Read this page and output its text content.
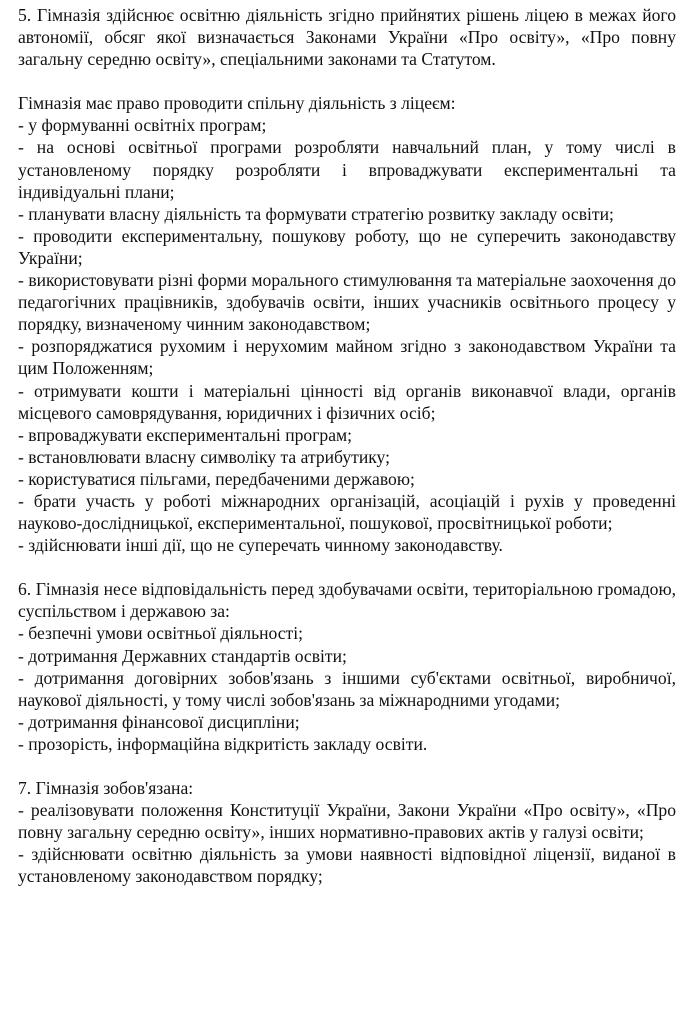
5. Гімназія здійснює освітню діяльність згідно прийнятих рішень ліцею в межах його автономії, обсяг якої визначається Законами України «Про освіту», «Про повну загальну середню освіту», спеціальними законами та Статутом.

Гімназія має право проводити спільну діяльність з ліцеєм:

- у формуванні освітніх програм;

- на основі освітньої програми розробляти навчальний план, у тому числі в установленому порядку розробляти і впроваджувати експериментальні та індивідуальні плани;

- планувати власну діяльність та формувати стратегію розвитку закладу освіти;

- проводити експериментальну, пошукову роботу, що не суперечить законодавству України;

- використовувати різні форми морального стимулювання та матеріальне заохочення до педагогічних працівників, здобувачів освіти, інших учасників освітнього процесу у порядку, визначеному чинним законодавством;

- розпоряджатися рухомим і нерухомим майном згідно з законодавством України та цим Положенням;

- отримувати кошти і матеріальні цінності від органів виконавчої влади, органів місцевого самоврядування, юридичних і фізичних осіб;

- впроваджувати експериментальні програм;

- встановлювати власну символіку та атрибутику;

- користуватися пільгами, передбаченими державою;

- брати участь у роботі міжнародних організацій, асоціацій і рухів у проведенні науково-дослідницької, експериментальної, пошукової, просвітницької роботи;

- здійснювати інші дії, що не суперечать чинному законодавству.

6. Гімназія несе відповідальність перед здобувачами освіти, територіальною громадою, суспільством і державою за:

- безпечні умови освітньої діяльності;

- дотримання Державних стандартів освіти;

- дотримання договірних зобов'язань з іншими суб'єктами освітньої, виробничої, наукової діяльності, у тому числі зобов'язань за міжнародними угодами;

- дотримання фінансової дисципліни;

- прозорість, інформаційна відкритість закладу освіти.

7. Гімназія зобов'язана:

- реалізовувати положення Конституції України, Закони України «Про освіту», «Про повну загальну середню освіту», інших нормативно-правових актів у галузі освіти;

- здійснювати освітню діяльність за умови наявності відповідної ліцензії, виданої в установленому законодавством порядку;
